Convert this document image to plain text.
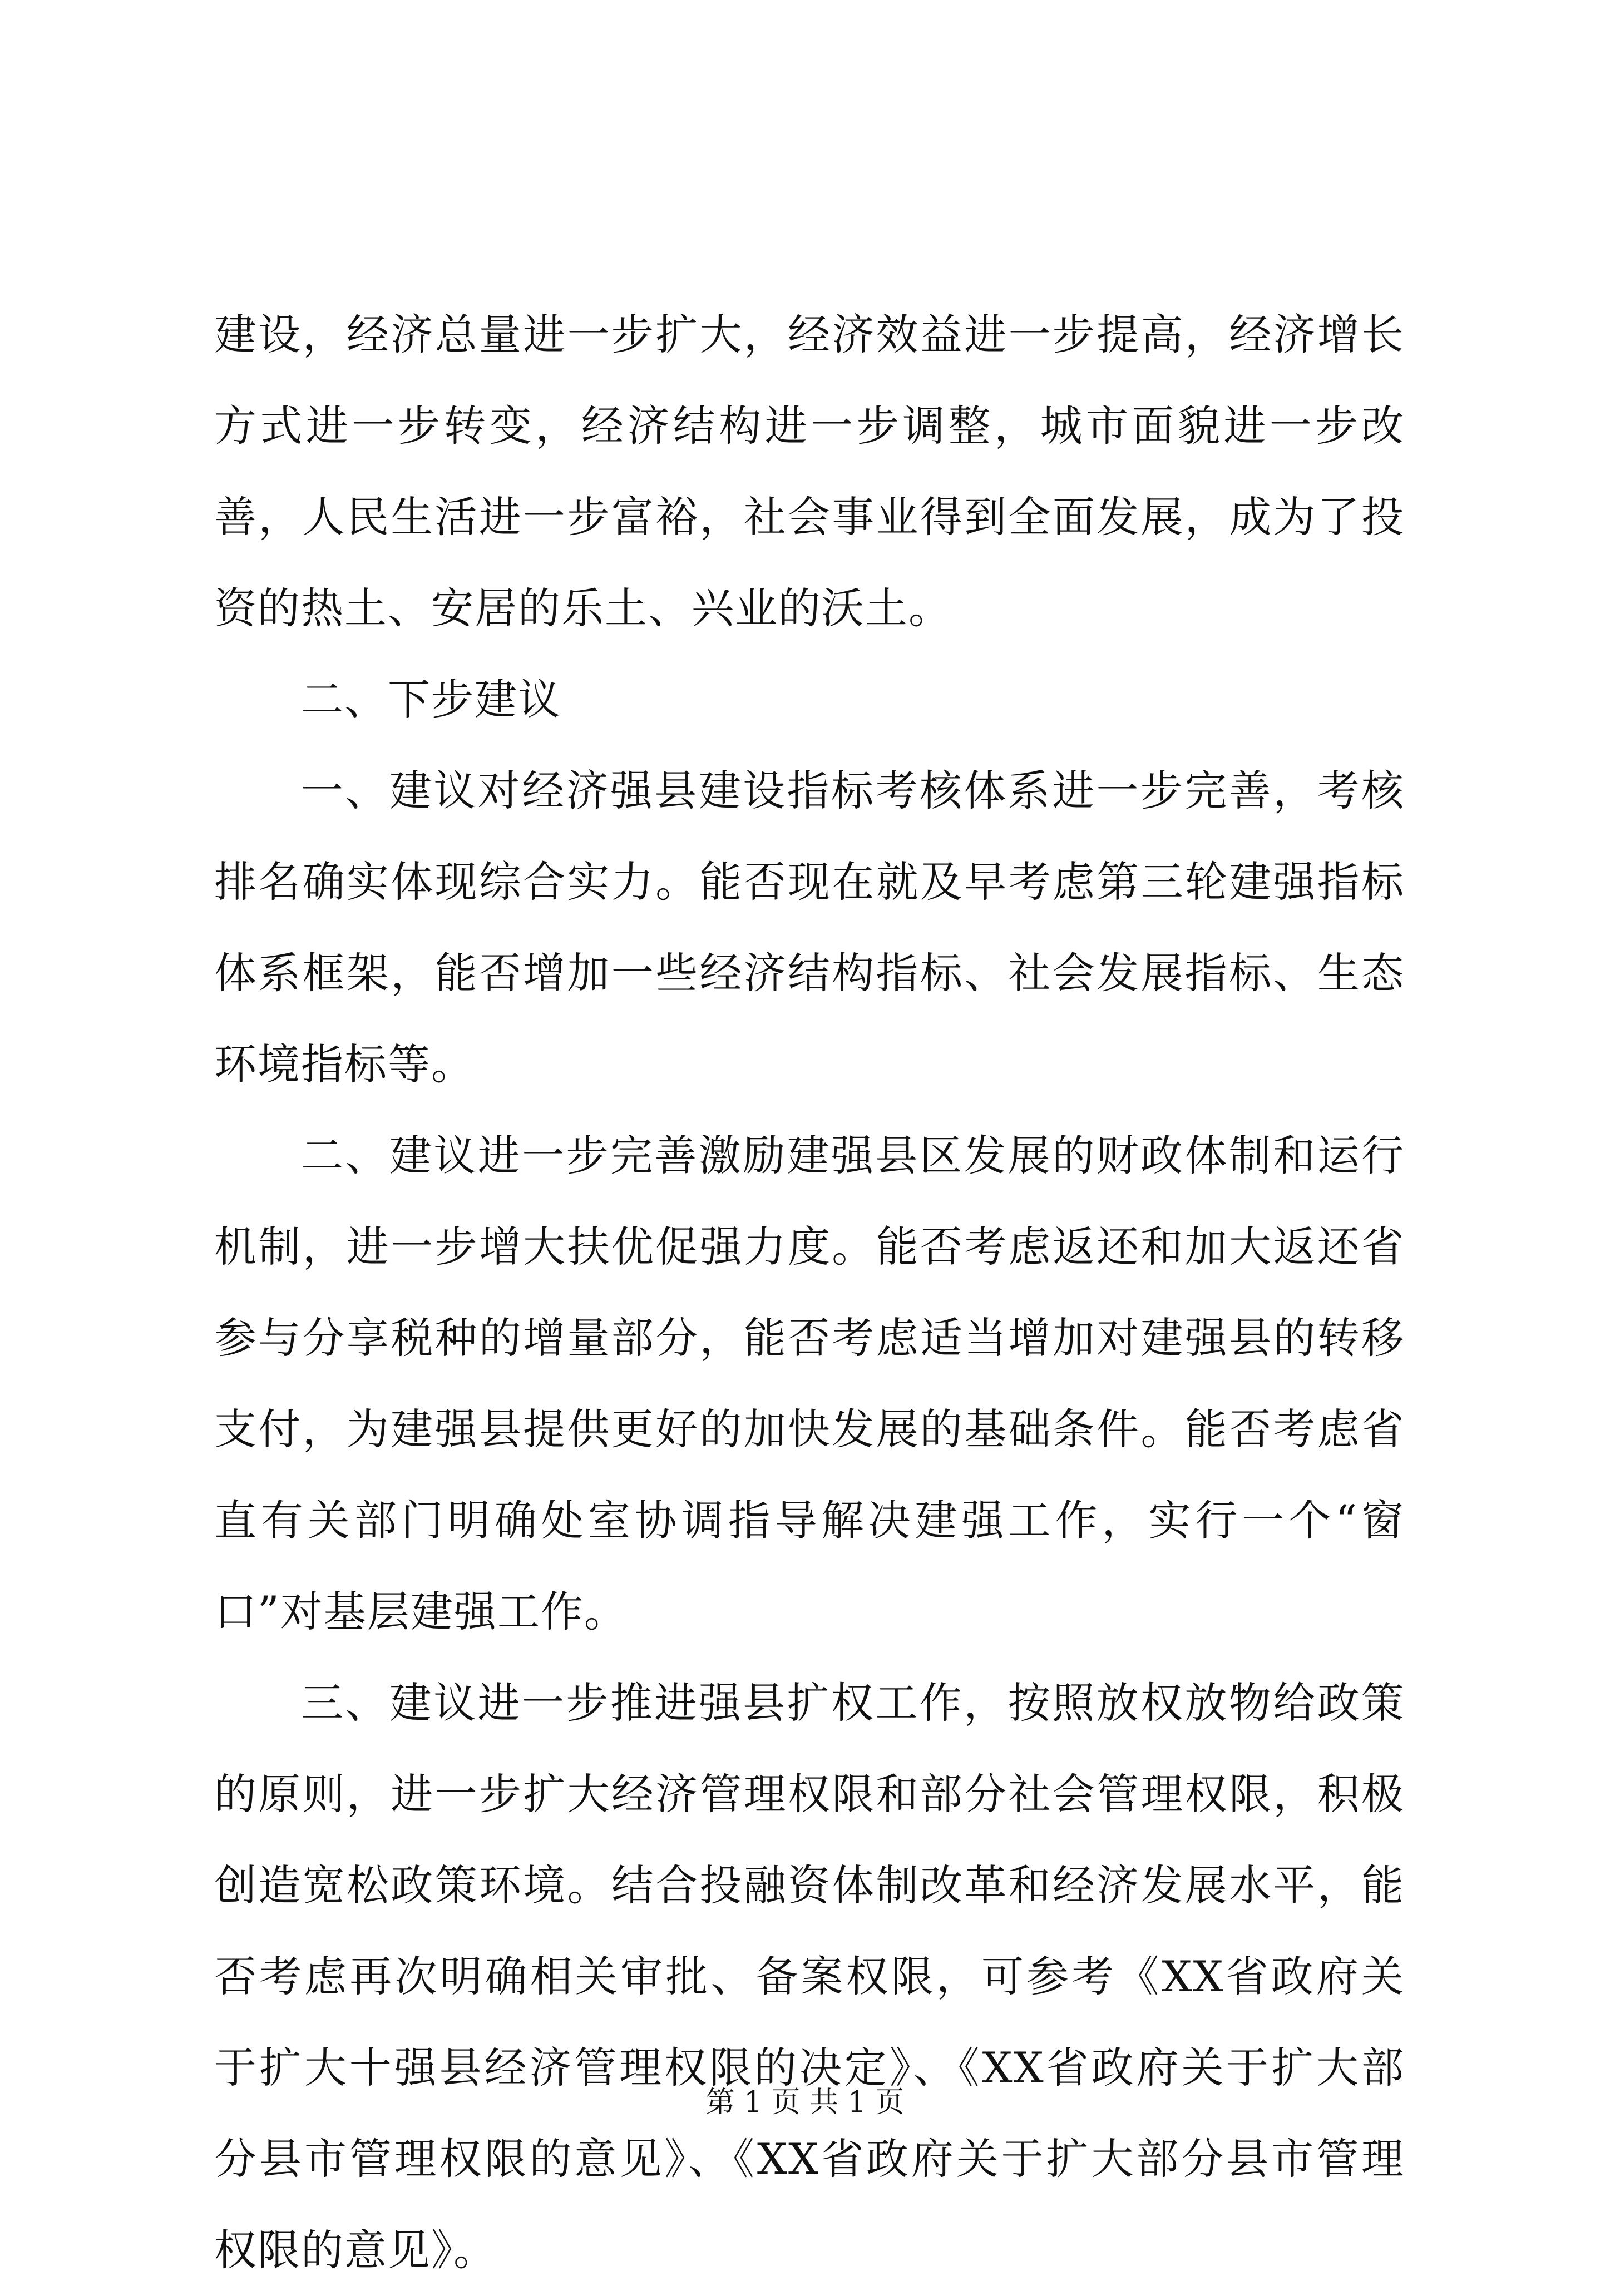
建设，经济总量进一步扩大，经济效益进一步提高，经济增长方式进一步转变，经济结构进一步调整，城市面貌进一步改善，人民生活进一步富裕，社会事业得到全面发展，成为了投资的热土、安居的乐土、兴业的沃土。

二、下步建议

一、建议对经济强县建设指标考核体系进一步完善，考核排名确实体现综合实力。能否现在就及早考虑第三轮建强指标体系框架，能否增加一些经济结构指标、社会发展指标、生态环境指标等。

二、建议进一步完善激励建强县区发展的财政体制和运行机制，进一步增大扶优促强力度。能否考虑返还和加大返还省参与分享税种的增量部分，能否考虑适当增加对建强县的转移支付，为建强县提供更好的加快发展的基础条件。能否考虑省直有关部门明确处室协调指导解决建强工作，实行一个“窗口”对基层建强工作。

三、建议进一步推进强县扩权工作，按照放权放物给政策的原则，进一步扩大经济管理权限和部分社会管理权限，积极创造宽松政策环境。结合投融资体制改革和经济发展水平，能否考虑再次明确相关审批、备案权限，可参考《XX省政府关于扩大十强县经济管理权限的决定》、《XX省政府关于扩大部分县市管理权限的意见》、《XX省政府关于扩大部分县市管理权限的意见》。

第 1 页 共 1 页
